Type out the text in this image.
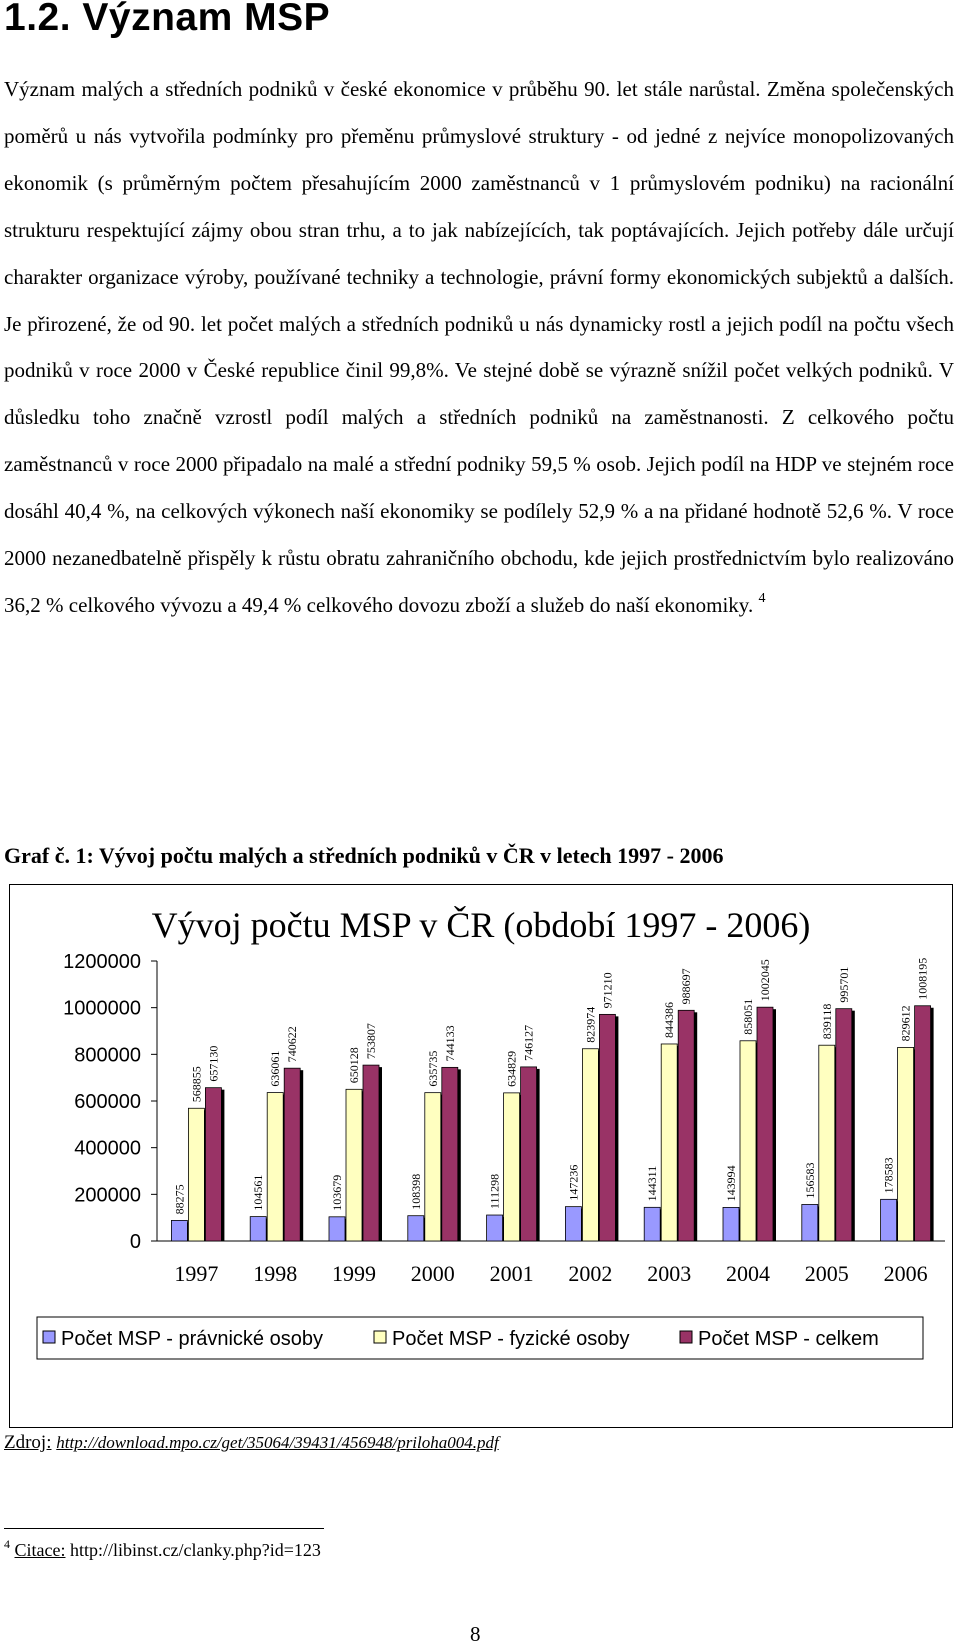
1.2. Význam MSP

Význam malých a středních podniků v české ekonomice v průběhu 90. let stále narůstal. Změna společenských poměrů u nás vytvořila podmínky pro přeměnu průmyslové struktury - od jedné z nejvíce monopolizovaných ekonomik (s průměrným počtem přesahujícím 2000 zaměstnanců v 1 průmyslovém podniku) na racionální strukturu respektující zájmy obou stran trhu, a to jak nabízejících, tak poptávajících. Jejich potřeby dále určují charakter organizace výroby, používané techniky a technologie, právní formy ekonomických subjektů a dalších. Je přirozené, že od 90. let počet malých a středních podniků u nás dynamicky rostl a jejich podíl na počtu všech podniků v roce 2000 v České republice činil 99,8%. Ve stejné době se výrazně snížil počet velkých podniků. V důsledku toho značně vzrostl podíl malých a středních podniků na zaměstnanosti. Z celkového počtu zaměstnanců v roce 2000 připadalo na malé a střední podniky 59,5 % osob. Jejich podíl na HDP ve stejném roce dosáhl 40,4 %, na celkových výkonech naší ekonomiky se podílely 52,9 % a na přidané hodnotě 52,6 %. V roce 2000 nezanedbatelně přispěly k růstu obratu zahraničního obchodu, kde jejich prostřednictvím bylo realizováno 36,2 % celkového vývozu a 49,4 % celkového dovozu zboží a služeb do naší ekonomiky. $^4$

Graf č. 1: Vývoj počtu malých a středních podniků v ČR v letech 1997 - 2006

Vývoj počtu MSP v ČR (období 1997 - 2006)
0
200000
400000
600000
800000
1000000
1200000
88275
568855
657130
1997
104561
636061
740622
1998
103679
650128
753807
1999
108398
635735
744133
2000
111298
634829
746127
2001
147236
823974
971210
2002
144311
844386
988697
2003
143994
858051
1002045
2004
156583
839118
995701
2005
178583
829612
1008195
2006
Počet MSP - právnické osoby	Počet MSP - fyzické osoby	Počet MSP - celkem
Zdroj: http://download.mpo.cz/get/35064/39431/456948/priloha004.pdf
$^4$ Citace: http://libinst.cz/clanky.php?id=123
8
